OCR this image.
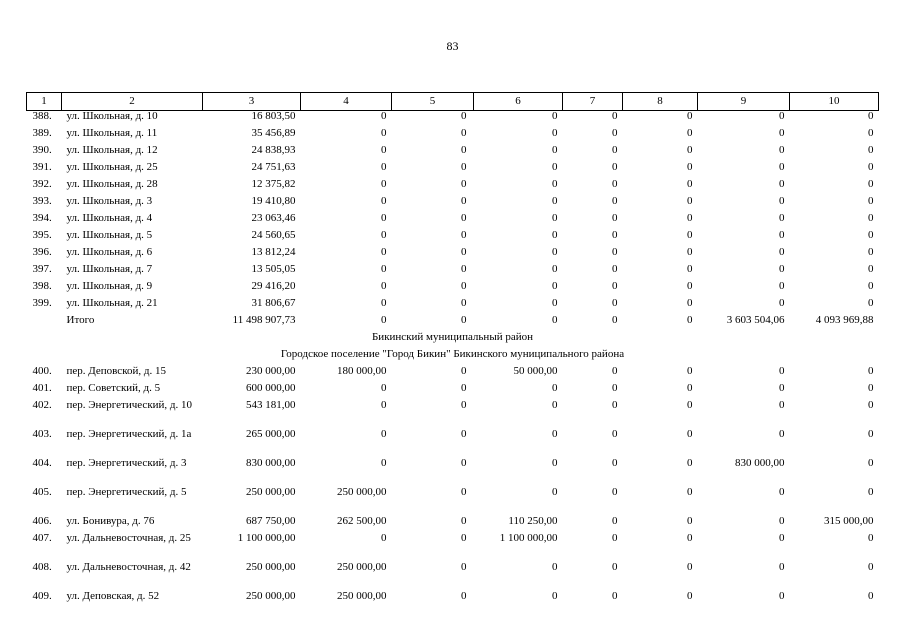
83
1	2	3	4	5	6	7	8	9	10
388.	ул. Школьная, д. 10	16 803,50	0	0	0	0	0	0	0
389.	ул. Школьная, д. 11	35 456,89	0	0	0	0	0	0	0
390.	ул. Школьная, д. 12	24 838,93	0	0	0	0	0	0	0
391.	ул. Школьная, д. 25	24 751,63	0	0	0	0	0	0	0
392.	ул. Школьная, д. 28	12 375,82	0	0	0	0	0	0	0
393.	ул. Школьная, д. 3	19 410,80	0	0	0	0	0	0	0
394.	ул. Школьная, д. 4	23 063,46	0	0	0	0	0	0	0
395.	ул. Школьная, д. 5	24 560,65	0	0	0	0	0	0	0
396.	ул. Школьная, д. 6	13 812,24	0	0	0	0	0	0	0
397.	ул. Школьная, д. 7	13 505,05	0	0	0	0	0	0	0
398.	ул. Школьная, д. 9	29 416,20	0	0	0	0	0	0	0
399.	ул. Школьная, д. 21	31 806,67	0	0	0	0	0	0	0
	Итого	11 498 907,73	0	0	0	0	0	3 603 504,06	4 093 969,88
Бикинский муниципальный район									
Городское поселение "Город Бикин" Бикинского муниципального района									
400.	пер. Деповской, д. 15	230 000,00	180 000,00	0	50 000,00	0	0	0	0
401.	пер. Советский, д. 5	600 000,00	0	0	0	0	0	0	0
402.	пер. Энергетический, д. 10	543 181,00	0	0	0	0	0	0	0
403.	пер. Энергетический, д. 1а	265 000,00	0	0	0	0	0	0	0
404.	пер. Энергетический, д. 3	830 000,00	0	0	0	0	0	830 000,00	0
405.	пер. Энергетический, д. 5	250 000,00	250 000,00	0	0	0	0	0	0
406.	ул. Бонивура, д. 76	687 750,00	262 500,00	0	110 250,00	0	0	0	315 000,00
407.	ул. Дальневосточная, д. 25	1 100 000,00	0	0	1 100 000,00	0	0	0	0
408.	ул. Дальневосточная, д. 42	250 000,00	250 000,00	0	0	0	0	0	0
409.	ул. Деповская, д. 52	250 000,00	250 000,00	0	0	0	0	0	0
